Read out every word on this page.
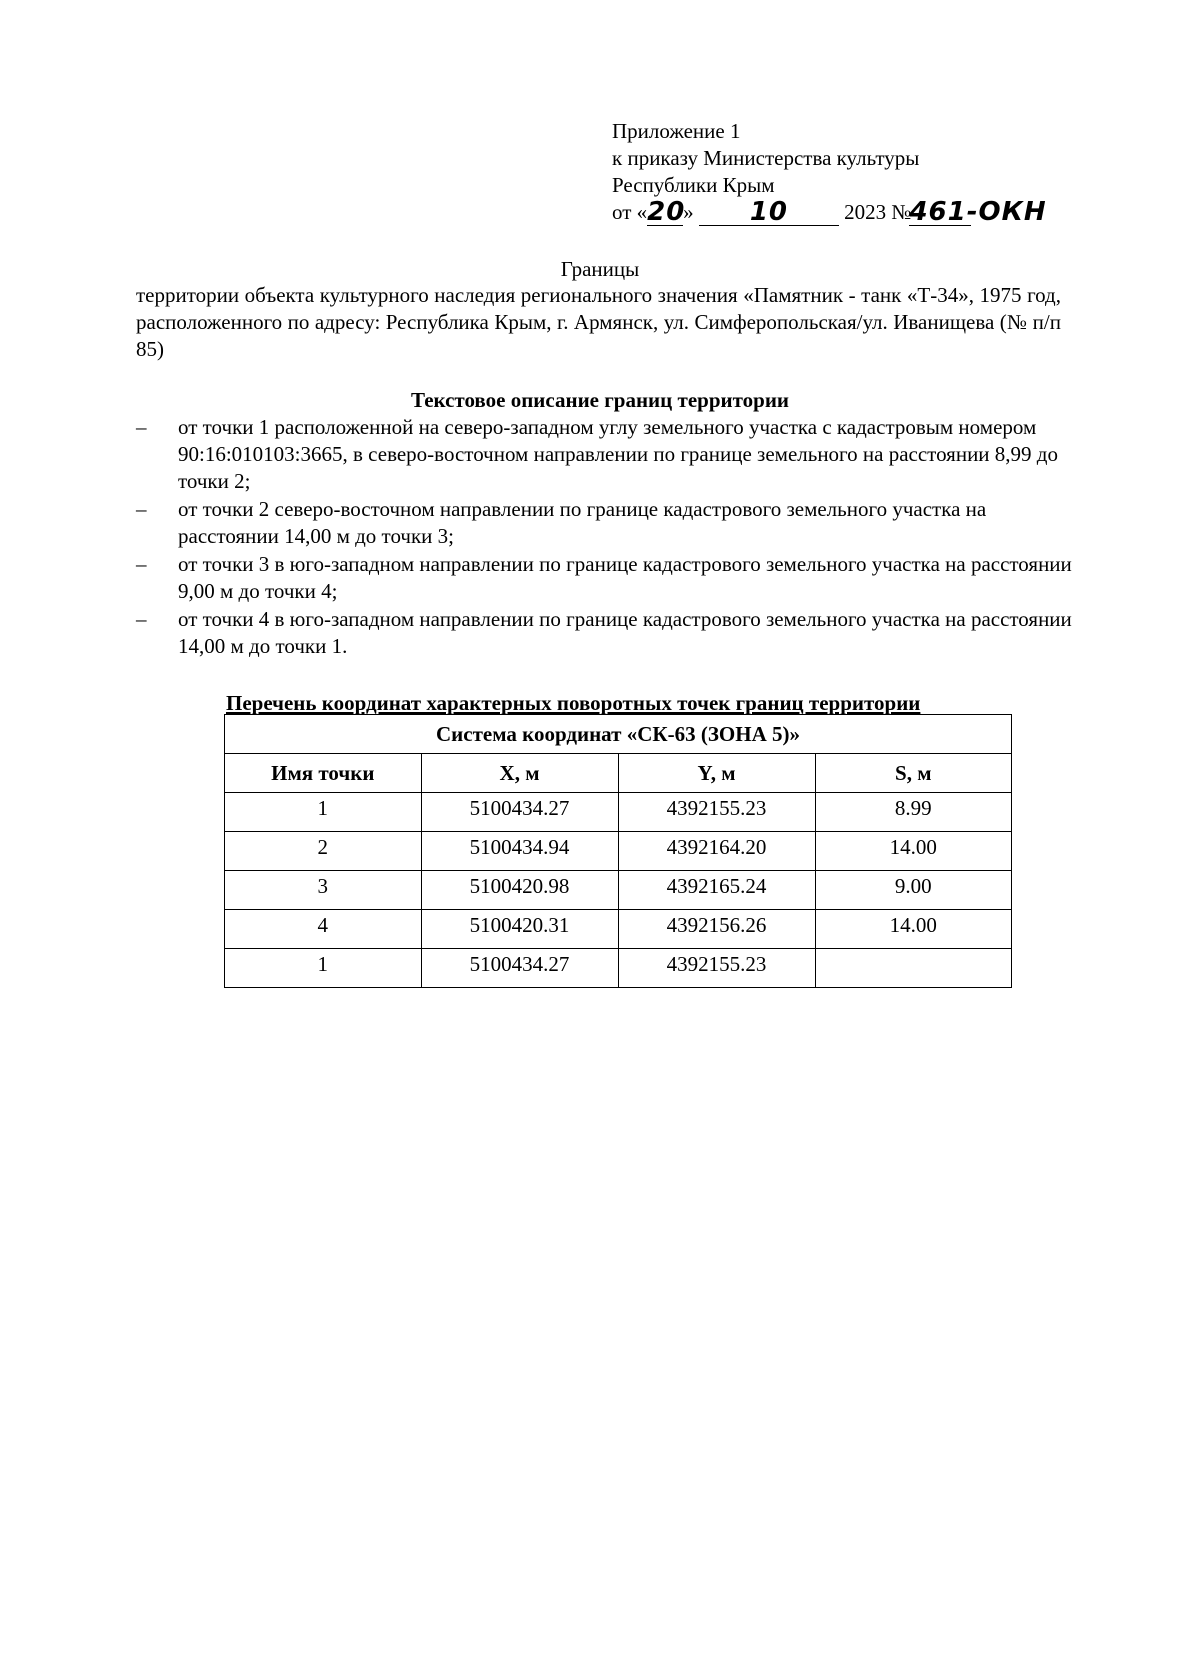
Приложение 1
к приказу Министерства культуры
Республики Крым
от «20» 10	2023 №461-ОКН
Границы
территории объекта культурного наследия регионального значения «Памятник - танк «Т-34», 1975 год, расположенного по адресу: Республика Крым, г. Армянск, ул. Симферопольская/ул. Иванищева (№ п/п 85)
Текстовое описание границ территории
– от точки 1 расположенной на северо-западном углу земельного участка с кадастровым номером 90:16:010103:3665, в северо-восточном направлении по границе земельного на расстоянии 8,99 до точки 2;
– от точки 2 северо-восточном направлении по границе кадастрового земельного участка на расстоянии 14,00 м до точки 3;
– от точки 3 в юго-западном направлении по границе кадастрового земельного участка на расстоянии 9,00 м до точки 4;
– от точки 4 в юго-западном направлении по границе кадастрового земельного участка на расстоянии 14,00 м до точки 1.
Перечень координат характерных поворотных точек границ территории
Система координат «СК-63 (ЗОНА 5)»			
Имя точки	X, м	Y, м	S, м
1	5100434.27	4392155.23	8.99
2	5100434.94	4392164.20	14.00
3	5100420.98	4392165.24	9.00
4	5100420.31	4392156.26	14.00
1	5100434.27	4392155.23	
